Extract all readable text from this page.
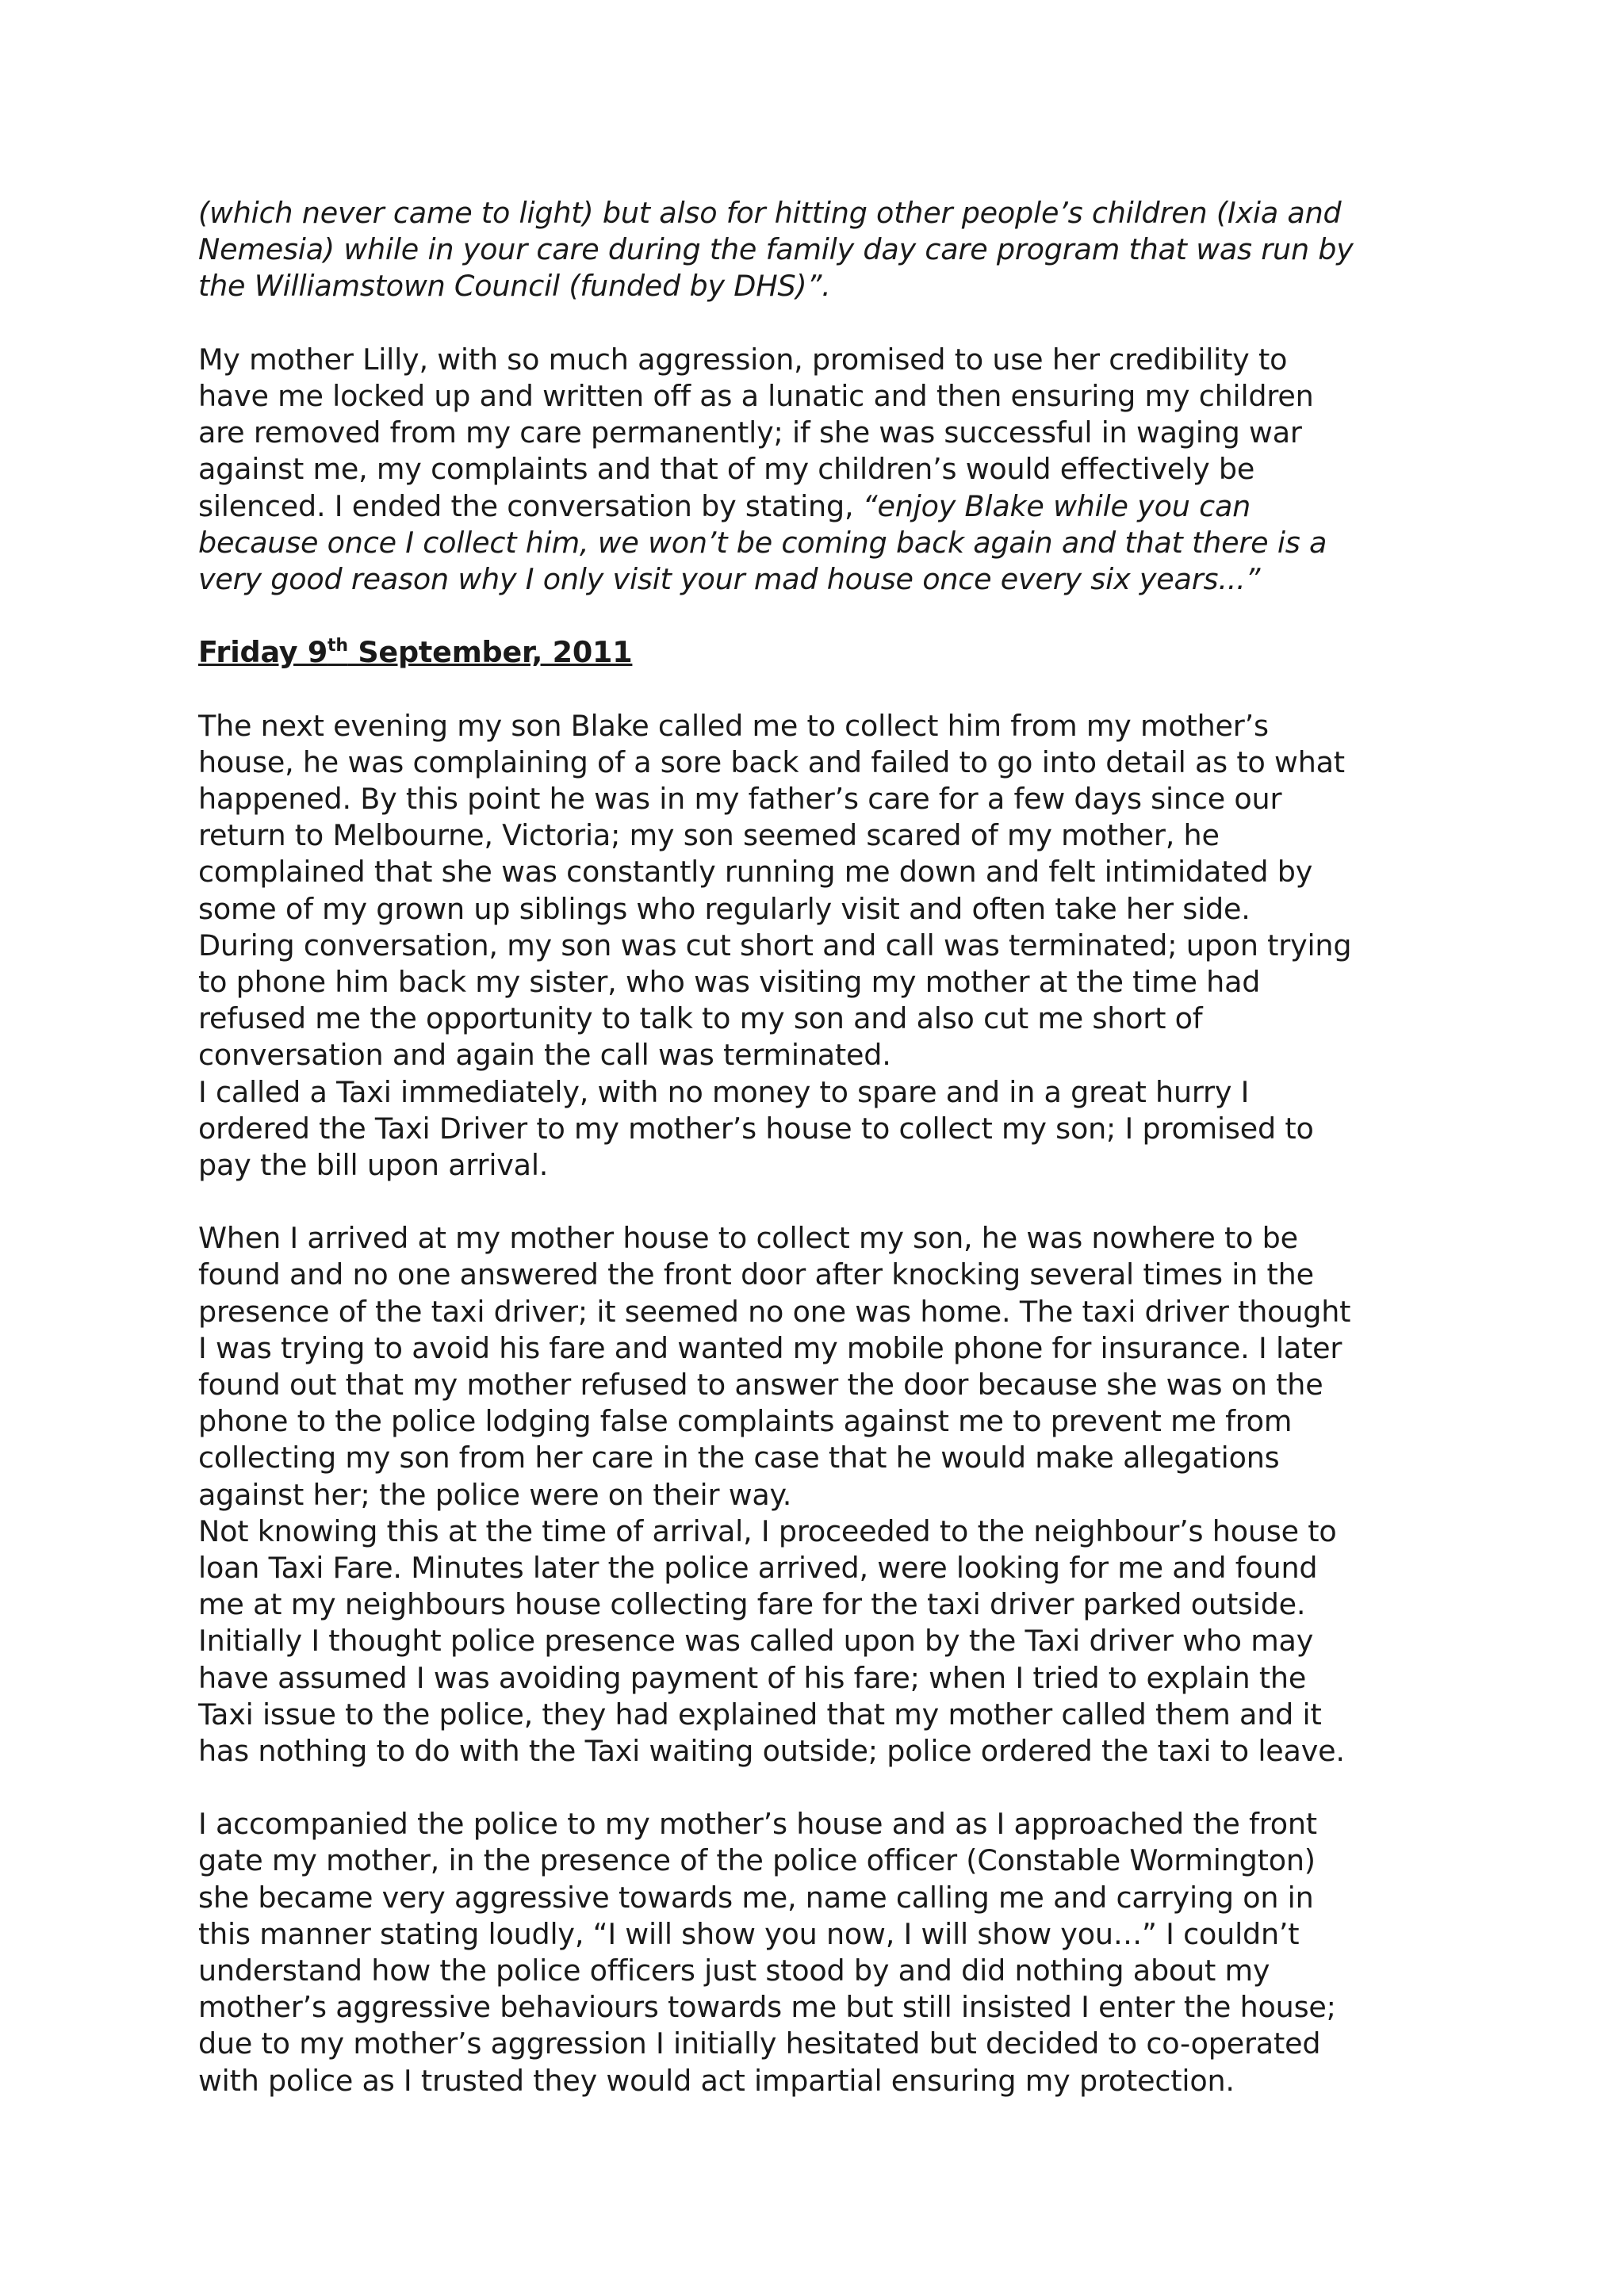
(which never came to light) but also for hitting other people’s children (Ixia and
Nemesia) while in your care during the family day care program that was run by
the Williamstown Council (funded by DHS)”.
My mother Lilly, with so much aggression, promised to use her credibility to
have me locked up and written off as a lunatic and then ensuring my children
are removed from my care permanently; if she was successful in waging war
against me, my complaints and that of my children’s would effectively be
silenced. I ended the conversation by stating, “enjoy Blake while you can
because once I collect him, we won’t be coming back again and that there is a
very good reason why I only visit your mad house once every six years...”
Friday 9th September, 2011
The next evening my son Blake called me to collect him from my mother’s
house, he was complaining of a sore back and failed to go into detail as to what
happened. By this point he was in my father’s care for a few days since our
return to Melbourne, Victoria; my son seemed scared of my mother, he
complained that she was constantly running me down and felt intimidated by
some of my grown up siblings who regularly visit and often take her side.
During conversation, my son was cut short and call was terminated; upon trying
to phone him back my sister, who was visiting my mother at the time had
refused me the opportunity to talk to my son and also cut me short of
conversation and again the call was terminated.
I called a Taxi immediately, with no money to spare and in a great hurry I
ordered the Taxi Driver to my mother’s house to collect my son; I promised to
pay the bill upon arrival.
When I arrived at my mother house to collect my son, he was nowhere to be
found and no one answered the front door after knocking several times in the
presence of the taxi driver; it seemed no one was home. The taxi driver thought
I was trying to avoid his fare and wanted my mobile phone for insurance. I later
found out that my mother refused to answer the door because she was on the
phone to the police lodging false complaints against me to prevent me from
collecting my son from her care in the case that he would make allegations
against her; the police were on their way.
Not knowing this at the time of arrival, I proceeded to the neighbour’s house to
loan Taxi Fare. Minutes later the police arrived, were looking for me and found
me at my neighbours house collecting fare for the taxi driver parked outside.
Initially I thought police presence was called upon by the Taxi driver who may
have assumed I was avoiding payment of his fare; when I tried to explain the
Taxi issue to the police, they had explained that my mother called them and it
has nothing to do with the Taxi waiting outside; police ordered the taxi to leave.
I accompanied the police to my mother’s house and as I approached the front
gate my mother, in the presence of the police officer (Constable Wormington)
she became very aggressive towards me, name calling me and carrying on in
this manner stating loudly, “I will show you now, I will show you…” I couldn’t
understand how the police officers just stood by and did nothing about my
mother’s aggressive behaviours towards me but still insisted I enter the house;
due to my mother’s aggression I initially hesitated but decided to co-operated
with police as I trusted they would act impartial ensuring my protection.
